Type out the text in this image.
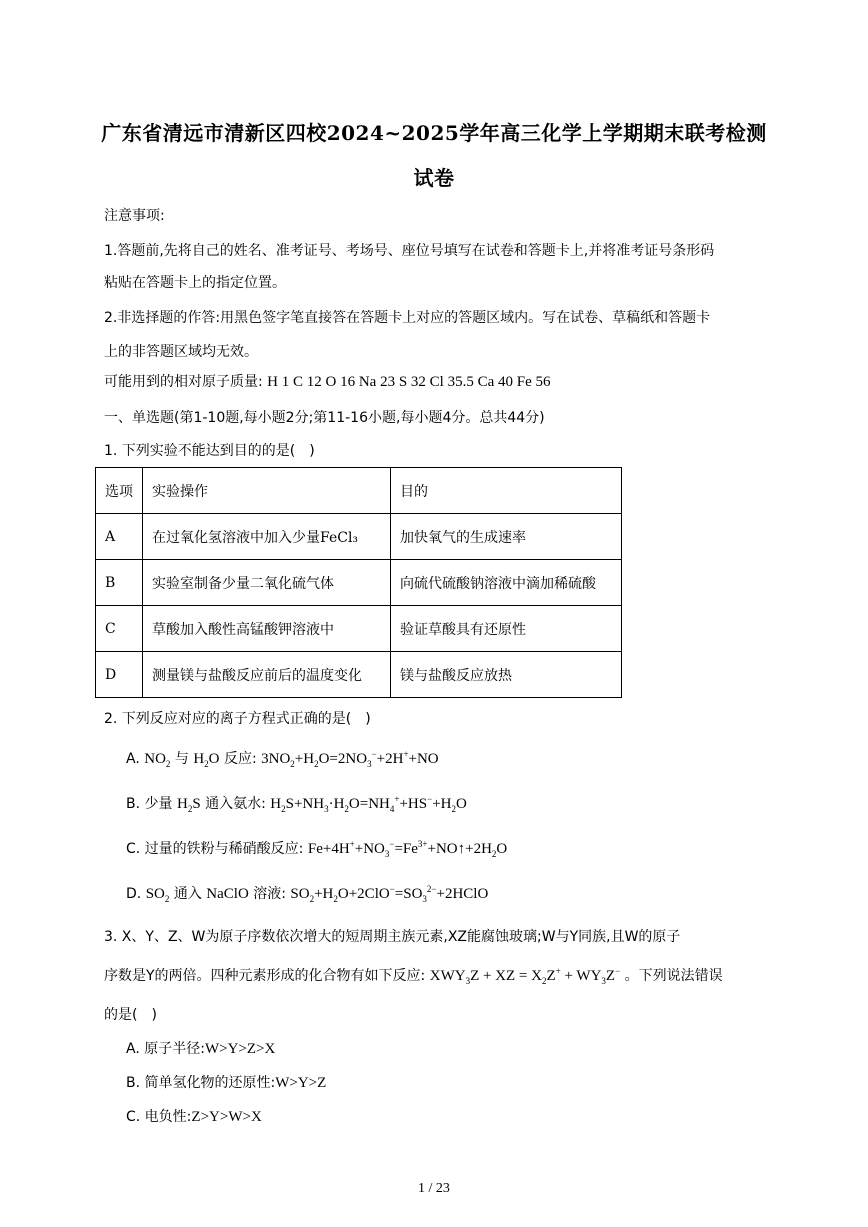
广东省清远市清新区四校2024~2025学年高三化学上学期期末联考检测
试卷
注意事项:
1.答题前,先将自己的姓名、准考证号、考场号、座位号填写在试卷和答题卡上,并将准考证号条形码
粘贴在答题卡上的指定位置。
2.非选择题的作答:用黑色签字笔直接答在答题卡上对应的答题区域内。写在试卷、草稿纸和答题卡
上的非答题区域均无效。
可能用到的相对原子质量: H 1 C 12 O 16 Na 23 S 32 Cl 35.5 Ca 40 Fe 56
一、单选题(第1-10题,每小题2分;第11-16小题,每小题4分。总共44分)
1. 下列实验不能达到目的的是(　)
选项	实验操作	目的
A	在过氧化氢溶液中加入少量FeCl₃	加快氧气的生成速率
B	实验室制备少量二氧化硫气体	向硫代硫酸钠溶液中滴加稀硫酸
C	草酸加入酸性高锰酸钾溶液中	验证草酸具有还原性
D	测量镁与盐酸反应前后的温度变化	镁与盐酸反应放热
2. 下列反应对应的离子方程式正确的是(　)
A. $NO_2$ 与 $H_2O$ 反应: $3NO_2+H_2O=2NO_3^-+2H^++NO$
B. 少量 $H_2S$ 通入氨水: $H_2S+NH_3\cdot H_2O=NH_4^++HS^-+H_2O$
C. 过量的铁粉与稀硝酸反应: $Fe+4H^++NO_3^-=Fe^{3+}+NO↑+2H_2O$
D. $SO_2$ 通入 NaClO 溶液: $SO_2+H_2O+2ClO^-=SO_3^{2-}+2HClO$
3. X、Y、Z、W为原子序数依次增大的短周期主族元素,XZ能腐蚀玻璃;W与Y同族,且W的原子
序数是Y的两倍。四种元素形成的化合物有如下反应: $XWY_3Z$ + XZ = $X_2Z^+ + WY_3Z^-$ 。下列说法错误
的是(　)
A. 原子半径:W>Y>Z>X
B. 简单氢化物的还原性:W>Y>Z
C. 电负性:Z>Y>W>X
1 / 23
